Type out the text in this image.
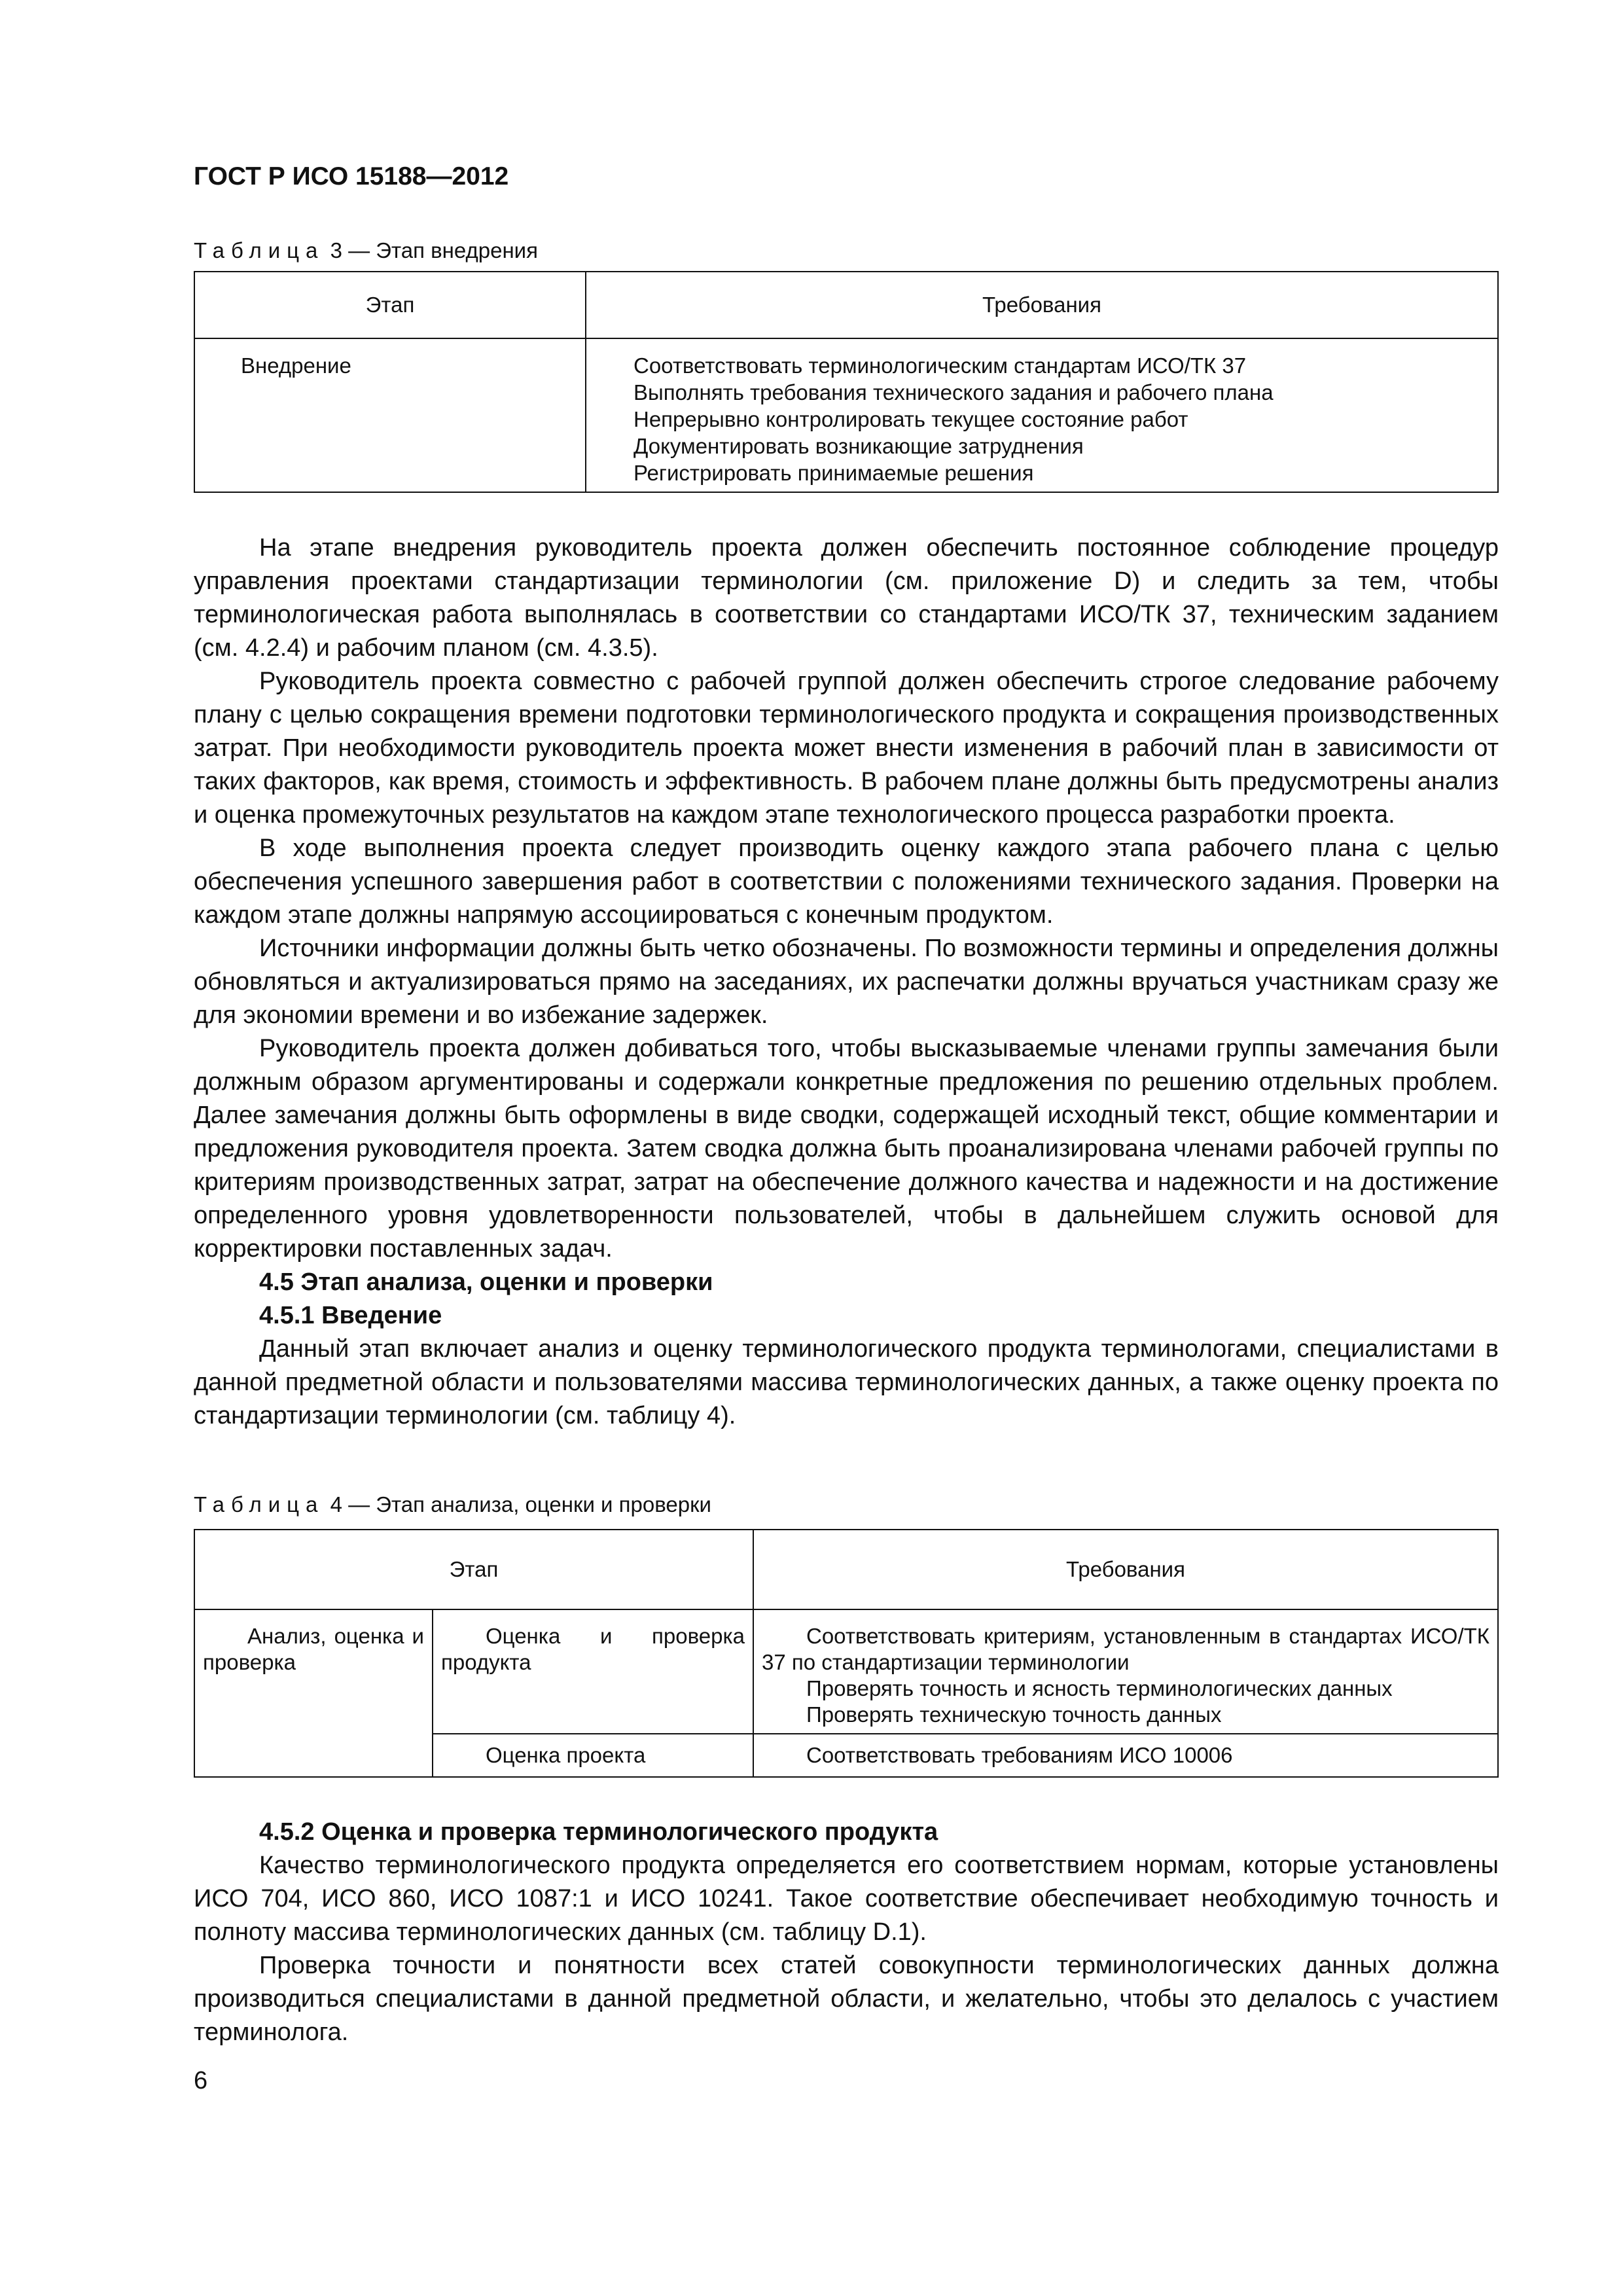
ГОСТ Р ИСО 15188—2012
Таблица 3 — Этап внедрения
Этап	Требования
Внедрение	Соответствовать терминологическим стандартам ИСО/ТК 37
Выполнять требования технического задания и рабочего плана
Непрерывно контролировать текущее состояние работ
Документировать возникающие затруднения
Регистрировать принимаемые решения

На этапе внедрения руководитель проекта должен обеспечить постоянное соблюдение процедур управления проектами стандартизации терминологии (см. приложение D) и следить за тем, чтобы терминологическая работа выполнялась в соответствии со стандартами ИСО/ТК 37, техническим заданием (см. 4.2.4) и рабочим планом (см. 4.3.5).

Руководитель проекта совместно с рабочей группой должен обеспечить строгое следование рабочему плану с целью сокращения времени подготовки терминологического продукта и сокращения производственных затрат. При необходимости руководитель проекта может внести изменения в рабочий план в зависимости от таких факторов, как время, стоимость и эффективность. В рабочем плане должны быть предусмотрены анализ и оценка промежуточных результатов на каждом этапе технологического процесса разработки проекта.

В ходе выполнения проекта следует производить оценку каждого этапа рабочего плана с целью обеспечения успешного завершения работ в соответствии с положениями технического задания. Проверки на каждом этапе должны напрямую ассоциироваться с конечным продуктом.

Источники информации должны быть четко обозначены. По возможности термины и определения должны обновляться и актуализироваться прямо на заседаниях, их распечатки должны вручаться участникам сразу же для экономии времени и во избежание задержек.

Руководитель проекта должен добиваться того, чтобы высказываемые членами группы замечания были должным образом аргументированы и содержали конкретные предложения по решению отдельных проблем. Далее замечания должны быть оформлены в виде сводки, содержащей исходный текст, общие комментарии и предложения руководителя проекта. Затем сводка должна быть проанализирована членами рабочей группы по критериям производственных затрат, затрат на обеспечение должного качества и надежности и на достижение определенного уровня удовлетворенности пользователей, чтобы в дальнейшем служить основой для корректировки поставленных задач.

4.5 Этап анализа, оценки и проверки
4.5.1 Введение

Данный этап включает анализ и оценку терминологического продукта терминологами, специалистами в данной предметной области и пользователями массива терминологических данных, а также оценку проекта по стандартизации терминологии (см. таблицу 4).

Таблица 4 — Этап анализа, оценки и проверки
Этап		Требования

Анализ, оценка и проверка	Оценка и проверка продукта	Соответствовать критериям, установленным в стандартах ИСО/ТК 37 по стандартизации терминологии
Проверять точность и ясность терминологических данных
Проверять техническую точность данных

	Оценка проекта	Соответствовать требованиям ИСО 10006
4.5.2 Оценка и проверка терминологического продукта

Качество терминологического продукта определяется его соответствием нормам, которые установлены ИСО 704, ИСО 860, ИСО 1087:1 и ИСО 10241. Такое соответствие обеспечивает необходимую точность и полноту массива терминологических данных (см. таблицу D.1).

Проверка точности и понятности всех статей совокупности терминологических данных должна производиться специалистами в данной предметной области, и желательно, чтобы это делалось с участием терминолога.

6
